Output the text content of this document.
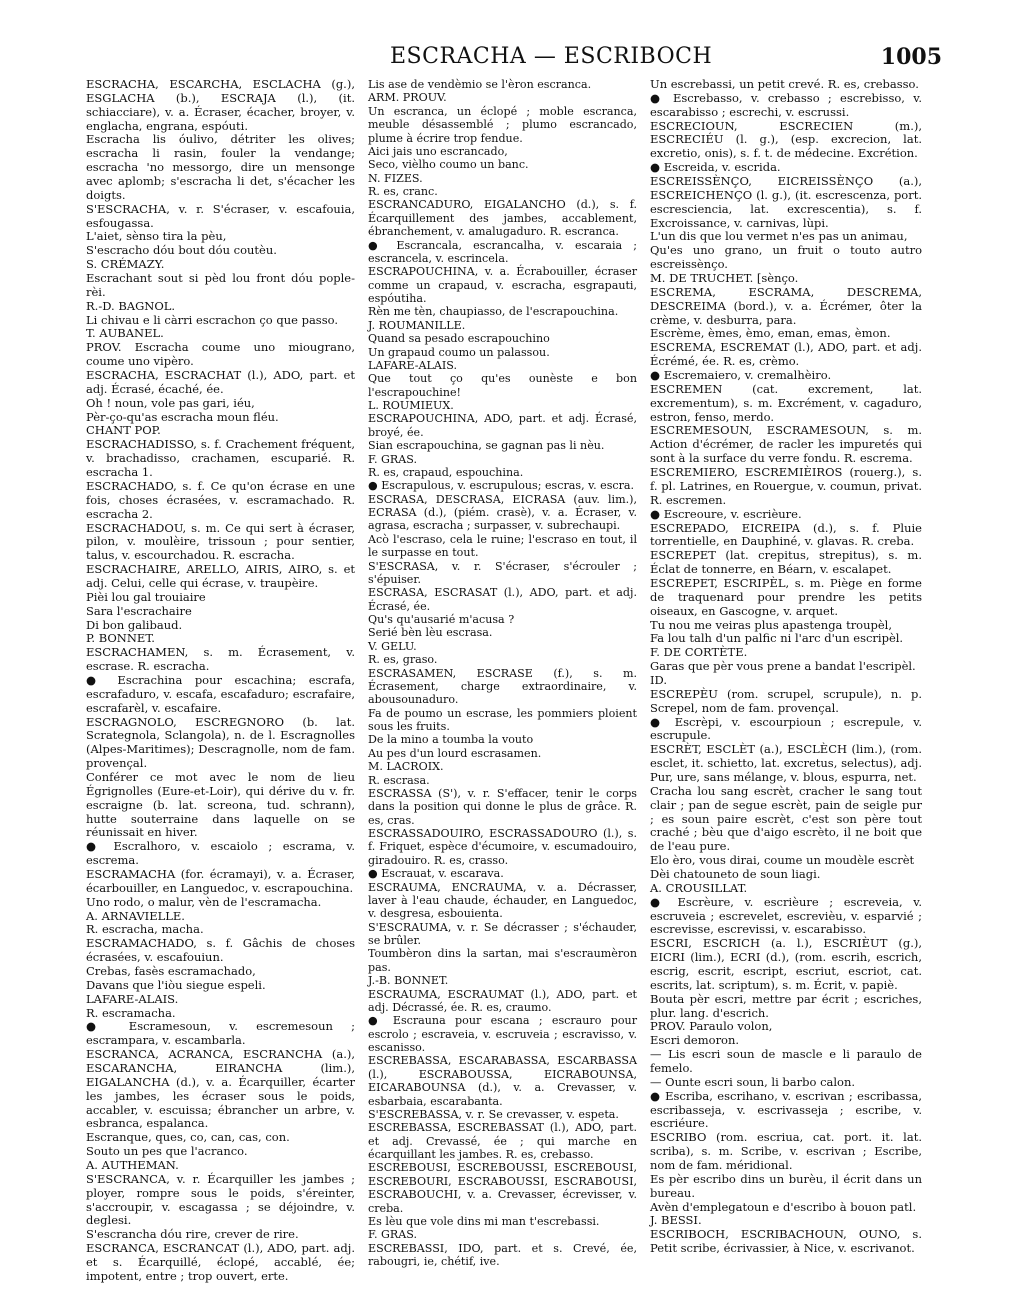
ESCRACHA — ESCRIBOCH	1005

ESCRACHA, ESCARCHA, ESCLACHA (g.), ESGLACHA (b.), ESCRAJA (l.), (it. schiacciare), v. a. Écraser, écacher, broyer, v. englacha, engrana, espóuti.
Escracha lis óulivo, détriter les olives; escracha li rasin, fouler la vendange; escracha 'no messorgo, dire un mensonge avec aplomb; s'escracha li det, s'écacher les doigts.
S'ESCRACHA, v. r. S'écraser, v. escafouia, esfougassa.
L'aiet, sènso tira la pèu,
S'escracho dóu bout dóu coutèu.
S. CRÉMAZY.
Escrachant sout si pèd lou front dóu pople-rèi.
R.-D. BAGNOL.
Li chivau e li càrri escrachon ço que passo.
T. AUBANEL.
PROV. Escracha coume uno miougrano, coume uno vipèro.
ESCRACHA, ESCRACHAT (l.), ADO, part. et adj. Écrasé, écaché, ée.
Oh ! noun, vole pas gari, iéu,
Pèr-ço-qu'as escracha moun fléu.
CHANT POP.
ESCRACHADISSO, s. f. Crachement fréquent, v. brachadisso, crachamen, escuparié. R. escracha 1.
ESCRACHADO, s. f. Ce qu'on écrase en une fois, choses écrasées, v. escramachado. R. escracha 2.
ESCRACHADOU, s. m. Ce qui sert à écraser, pilon, v. moulèire, trissoun ; pour sentier, talus, v. escourchadou. R. escracha.
ESCRACHAIRE, ARELLO, AIRIS, AIRO, s. et adj. Celui, celle qui écrase, v. traupèire.
Pièi lou gal trouiaire
Sara l'escrachaire
Di bon galibaud.
P. BONNET.
ESCRACHAMEN, s. m. Écrasement, v. escrase. R. escracha.
● Escrachina pour escachina; escrafa, escrafaduro, v. escafa, escafaduro; escrafaire, escrafarèl, v. escafaire.
ESCRAGNOLO, ESCREGNORO (b. lat. Scrategnola, Sclangola), n. de l. Escragnolles (Alpes-Maritimes); Descragnolle, nom de fam. provençal.
Conférer ce mot avec le nom de lieu Égrignolles (Eure-et-Loir), qui dérive du v. fr. escraigne (b. lat. screona, tud. schrann), hutte souterraine dans laquelle on se réunissait en hiver.
● Escralhoro, v. escaiolo ; escrama, v. escrema.
ESCRAMACHA (for. écramayi), v. a. Écraser, écarbouiller, en Languedoc, v. escrapouchina.
Uno rodo, o malur, vèn de l'escramacha.
A. ARNAVIELLE.
R. escracha, macha.
ESCRAMACHADO, s. f. Gâchis de choses écrasées, v. escafouiun.
Crebas, fasès escramachado,
Davans que l'iòu siegue espeli.
LAFARE-ALAIS.
R. escramacha.
● Escramesoun, v. escremesoun ; escrampara, v. escambarla.
ESCRANCA, ACRANCA, ESCRANCHA (a.), ESCARANCHA, EIRANCHA (lim.), EIGALANCHA (d.), v. a. Écarquiller, écarter les jambes, les écraser sous le poids, accabler, v. escuissa; ébrancher un arbre, v. esbranca, espalanca.
Escranque, ques, co, can, cas, con.
Souto un pes que l'acranco.
A. AUTHEMAN.
S'ESCRANCA, v. r. Écarquiller les jambes ; ployer, rompre sous le poids, s'éreinter, s'accroupir, v. escagassa ; se déjoindre, v. deglesi.
S'escrancha dóu rire, crever de rire.
ESCRANCA, ESCRANCAT (l.), ADO, part. adj. et s. Écarquillé, éclopé, accablé, ée; impotent, entre ; trop ouvert, erte.

Lis ase de vendèmio se l'èron escranca.
ARM. PROUV.
Un escranca, un éclopé ; moble escranca, meuble désassemblé ; plumo escrancado, plume à écrire trop fendue.
Aici jais uno escrancado,
Seco, vièlho coumo un banc.
N. FIZES.
R. es, cranc.
ESCRANCADURO, EIGALANCHO (d.), s. f. Écarquillement des jambes, accablement, ébranchement, v. amalugaduro. R. escranca.
● Escrancala, escrancalha, v. escaraia ; escrancela, v. escrincela.
ESCRAPOUCHINA, v. a. Écrabouiller, écraser comme un crapaud, v. escracha, esgrapauti, espóutiha.
Rèn me tèn, chaupiasso, de l'escrapouchina.
J. ROUMANILLE.
Quand sa pesado escrapouchino
Un grapaud coumo un palassou.
LAFARE-ALAIS.
Que tout ço qu'es ounèste e bon l'escrapouchine!
L. ROUMIEUX.
ESCRAPOUCHINA, ADO, part. et adj. Écrasé, broyé, ée.
Sian escrapouchina, se gagnan pas li nèu.
F. GRAS.
R. es, crapaud, espouchina.
● Escrapulous, v. escrupulous; escras, v. escra.
ESCRASA, DESCRASA, EICRASA (auv. lim.), ECRASA (d.), (piém. crasè), v. a. Écraser, v. agrasa, escracha ; surpasser, v. subrechaupi.
Acò l'escraso, cela le ruine; l'escraso en tout, il le surpasse en tout.
S'ESCRASA, v. r. S'écraser, s'écrouler ; s'épuiser.
ESCRASA, ESCRASAT (l.), ADO, part. et adj. Écrasé, ée.
Qu's qu'ausarié m'acusa ?
Serié bèn lèu escrasa.
V. GELU.
R. es, graso.
ESCRASAMEN, ESCRASE (f.), s. m. Écrasement, charge extraordinaire, v. abousounaduro.
Fa de poumo un escrase, les pommiers ploient sous les fruits.
De la mino a toumba la vouto
Au pes d'un lourd escrasamen.
M. LACROIX.
R. escrasa.
ESCRASSA (S'), v. r. S'effacer, tenir le corps dans la position qui donne le plus de grâce. R. es, cras.
ESCRASSADOUIRO, ESCRASSADOURO (l.), s. f. Friquet, espèce d'écumoire, v. escumadouiro, giradouiro. R. es, crasso.
● Escrauat, v. escarava.
ESCRAUMA, ENCRAUMA, v. a. Décrasser, laver à l'eau chaude, échauder, en Languedoc, v. desgresa, esbouienta.
S'ESCRAUMA, v. r. Se décrasser ; s'échauder, se brûler.
Toumbèron dins la sartan, mai s'escraumèron pas.
J.-B. BONNET.
ESCRAUMA, ESCRAUMAT (l.), ADO, part. et adj. Décrassé, ée. R. es, craumo.
● Escrauna pour escana ; escrauro pour escrolo ; escraveia, v. escruveia ; escravisso, v. escanisso.
ESCREBASSA, ESCARABASSA, ESCARBASSA (l.), ESCRABOUSSA, EICRABOUNSA, EICARABOUNSA (d.), v. a. Crevasser, v. esbarbaia, escarabanta.
S'ESCREBASSA, v. r. Se crevasser, v. espeta.
ESCREBASSA, ESCREBASSAT (l.), ADO, part. et adj. Crevassé, ée ; qui marche en écarquillant les jambes. R. es, crebasso.
ESCREBOUSI, ESCREBOUSSI, ESCREBOUSI, ESCREBOURI, ESCRABOUSSI, ESCRABOUSI, ESCRABOUCHI, v. a. Crevasser, écrevisser, v. creba.
Es lèu que vole dins mi man t'escrebassi.
F. GRAS.
ESCREBASSI, IDO, part. et s. Crevé, ée, rabougri, ie, chétif, ive.

Un escrebassi, un petit crevé. R. es, crebasso.
● Escrebasso, v. crebasso ; escrebisso, v. escarabisso ; escrechi, v. escrussi.
ESCRECIOUN, ESCRECIEN (m.), ESCRECIÉU (l. g.), (esp. excrecion, lat. excretio, onis), s. f. t. de médecine. Excrétion.
● Escreida, v. escrida.
ESCREISSÈNÇO, EICREISSÈNÇO (a.), ESCREICHENÇO (l. g.), (it. escrescenza, port. escresciencia, lat. excrescentia), s. f. Excroissance, v. carnivas, lùpi.
L'un dis que lou vermet n'es pas un animau,
Qu'es uno grano, un fruit o touto autro escreissènço.
M. DE TRUCHET. [sènço.
ESCREMA, ESCRAMA, DESCREMA, DESCREIMA (bord.), v. a. Écrémer, ôter la crème, v. desburra, para.
Escrème, èmes, èmo, eman, emas, èmon.
ESCREMA, ESCREMAT (l.), ADO, part. et adj. Écrémé, ée. R. es, crèmo.
● Escremaiero, v. cremalhèiro.
ESCREMEN (cat. excrement, lat. excrementum), s. m. Excrément, v. cagaduro, estron, fenso, merdo.
ESCREMESOUN, ESCRAMESOUN, s. m. Action d'écrémer, de racler les impuretés qui sont à la surface du verre fondu. R. escrema.
ESCREMIERO, ESCREMIÈIROS (rouerg.), s. f. pl. Latrines, en Rouergue, v. coumun, privat. R. escremen.
● Escreoure, v. escrièure.
ESCREPADO, EICREIPA (d.), s. f. Pluie torrentielle, en Dauphiné, v. glavas. R. creba.
ESCREPET (lat. crepitus, strepitus), s. m. Éclat de tonnerre, en Béarn, v. escalapet.
ESCREPET, ESCRIPÈL, s. m. Piège en forme de traquenard pour prendre les petits oiseaux, en Gascogne, v. arquet.
Tu nou me veiras plus apastenga troupèl,
Fa lou talh d'un palfic ni l'arc d'un escripèl.
F. DE CORTÈTE.
Garas que pèr vous prene a bandat l'escripèl.
ID.
ESCREPÈU (rom. scrupel, scrupule), n. p. Screpel, nom de fam. provençal.
● Escrèpi, v. escourpioun ; escrepule, v. escrupule.
ESCRÈT, ESCLÈT (a.), ESCLÈCH (lim.), (rom. esclet, it. schietto, lat. excretus, selectus), adj. Pur, ure, sans mélange, v. blous, espurra, net.
Cracha lou sang escrèt, cracher le sang tout clair ; pan de segue escrèt, pain de seigle pur ; es soun paire escrèt, c'est son père tout craché ; bèu que d'aigo escrèto, il ne boit que de l'eau pure.
Elo èro, vous dirai, coume un moudèle escrèt
Dèi chatouneto de soun liagi.
A. CROUSILLAT.
● Escrèure, v. escrièure ; escreveia, v. escruveia ; escrevelet, escrevièu, v. esparvié ; escrevisse, escrevissi, v. escarabisso.
ESCRI, ESCRICH (a. l.), ESCRIÈUT (g.), EICRI (lim.), ECRI (d.), (rom. escrih, escrich, escrig, escrit, escript, escriut, escriot, cat. escrits, lat. scriptum), s. m. Écrit, v. papiè.
Bouta pèr escri, mettre par écrit ; escriches, plur. lang. d'escrich.
PROV. Paraulo volon,
Escri demoron.
— Lis escri soun de mascle e li paraulo de femelo.
— Ounte escri soun, li barbo calon.
● Escriba, escrihano, v. escrivan ; escribassa, escribasseja, v. escrivasseja ; escribe, v. escriéure.
ESCRIBO (rom. escriua, cat. port. it. lat. scriba), s. m. Scribe, v. escrivan ; Escribe, nom de fam. méridional.
Es pèr escribo dins un burèu, il écrit dans un bureau.
Avèn d'emplegatoun e d'escribo à bouon patl.
J. BESSI.
ESCRIBOCH, ESCRIBACHOUN, OUNO, s. Petit scribe, écrivassier, à Nice, v. escrivanot.
